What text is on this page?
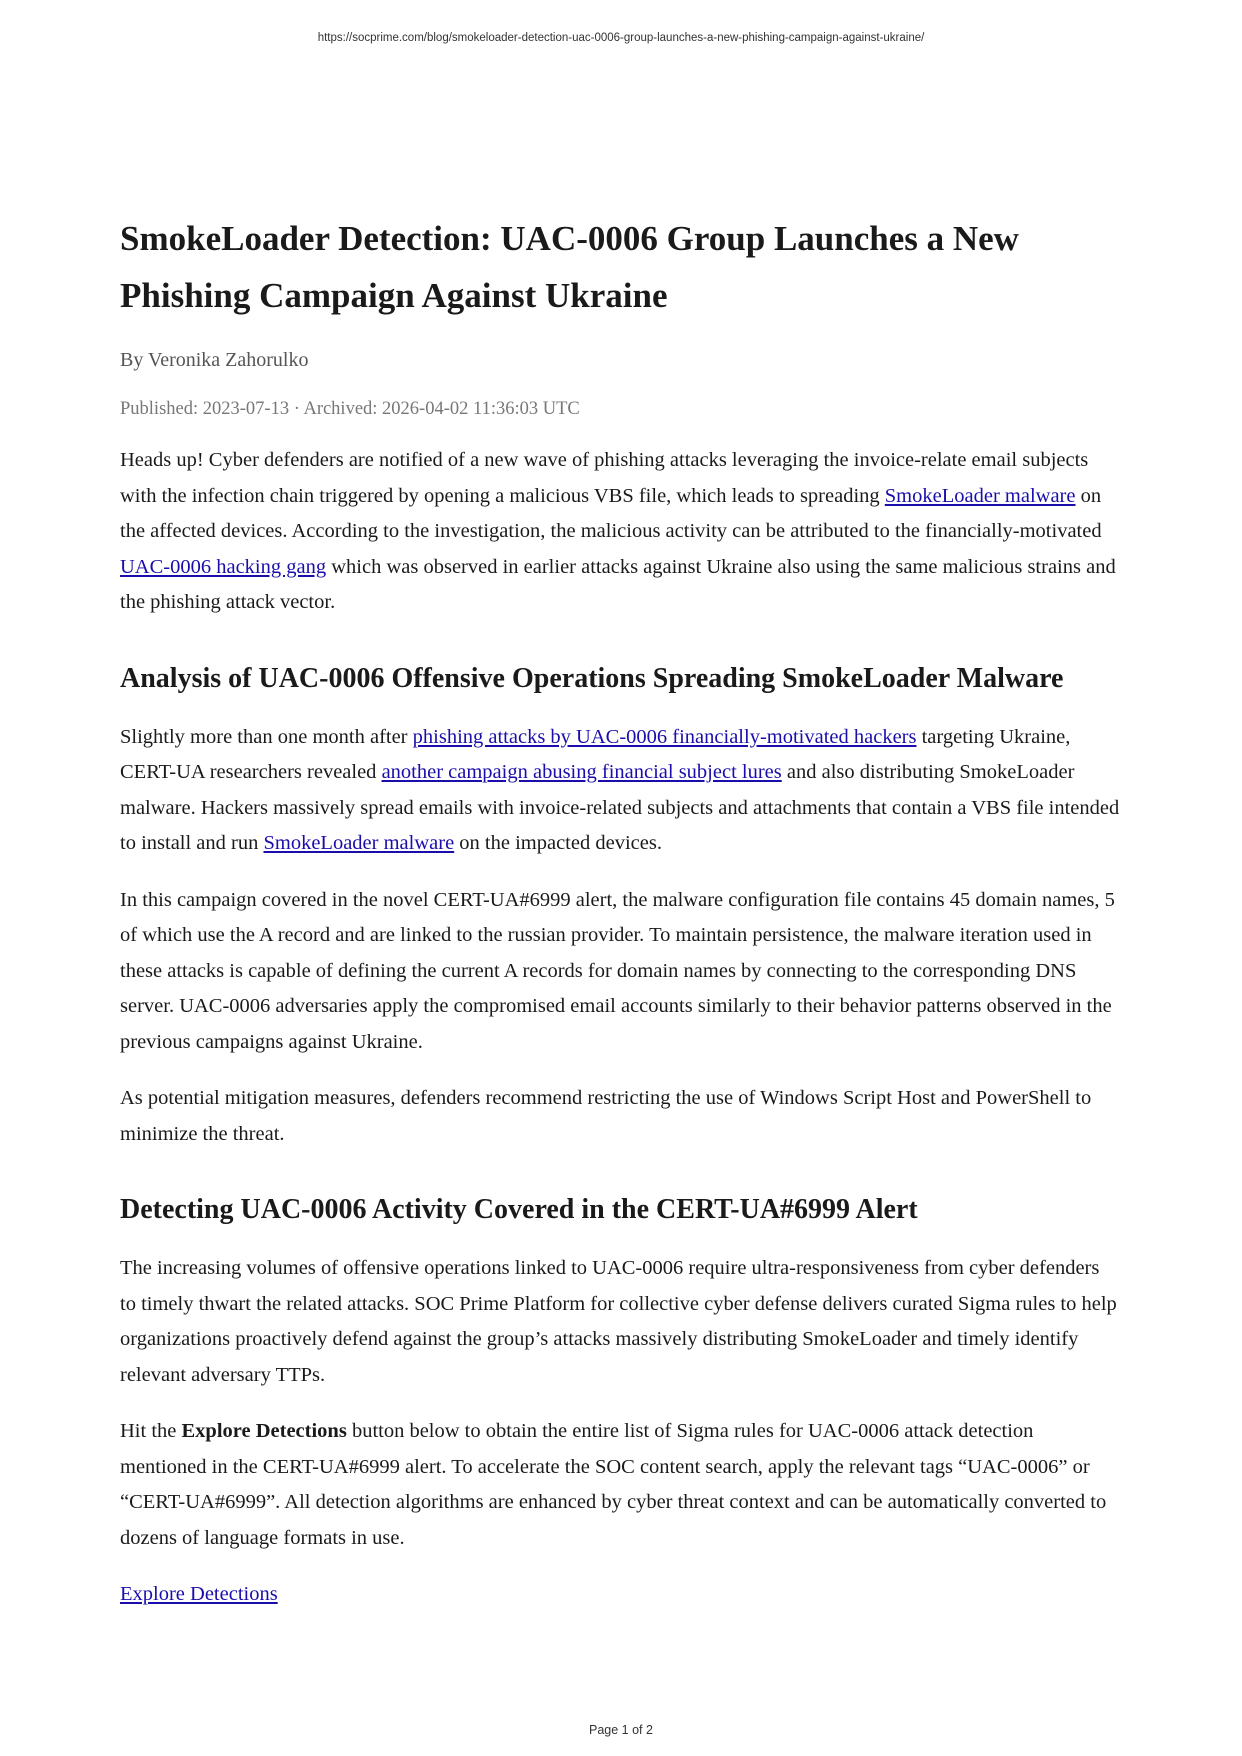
https://socprime.com/blog/smokeloader-detection-uac-0006-group-launches-a-new-phishing-campaign-against-ukraine/
SmokeLoader Detection: UAC-0006 Group Launches a New Phishing Campaign Against Ukraine
By Veronika Zahorulko
Published: 2023-07-13 · Archived: 2026-04-02 11:36:03 UTC

Heads up! Cyber defenders are notified of a new wave of phishing attacks leveraging the invoice-relate email subjects with the infection chain triggered by opening a malicious VBS file, which leads to spreading SmokeLoader malware on the affected devices. According to the investigation, the malicious activity can be attributed to the financially-motivated UAC-0006 hacking gang which was observed in earlier attacks against Ukraine also using the same malicious strains and the phishing attack vector.

Analysis of UAC-0006 Offensive Operations Spreading SmokeLoader Malware

Slightly more than one month after phishing attacks by UAC-0006 financially-motivated hackers targeting Ukraine, CERT-UA researchers revealed another campaign abusing financial subject lures and also distributing SmokeLoader malware. Hackers massively spread emails with invoice-related subjects and attachments that contain a VBS file intended to install and run SmokeLoader malware on the impacted devices.

In this campaign covered in the novel CERT-UA#6999 alert, the malware configuration file contains 45 domain names, 5 of which use the A record and are linked to the russian provider. To maintain persistence, the malware iteration used in these attacks is capable of defining the current A records for domain names by connecting to the corresponding DNS server. UAC-0006 adversaries apply the compromised email accounts similarly to their behavior patterns observed in the previous campaigns against Ukraine.

As potential mitigation measures, defenders recommend restricting the use of Windows Script Host and PowerShell to minimize the threat.

Detecting UAC-0006 Activity Covered in the CERT-UA#6999 Alert

The increasing volumes of offensive operations linked to UAC-0006 require ultra-responsiveness from cyber defenders to timely thwart the related attacks. SOC Prime Platform for collective cyber defense delivers curated Sigma rules to help organizations proactively defend against the group’s attacks massively distributing SmokeLoader and timely identify relevant adversary TTPs.

Hit the Explore Detections button below to obtain the entire list of Sigma rules for UAC-0006 attack detection mentioned in the CERT-UA#6999 alert. To accelerate the SOC content search, apply the relevant tags “UAC-0006” or “CERT-UA#6999”. All detection algorithms are enhanced by cyber threat context and can be automatically converted to dozens of language formats in use.

Explore Detections

Page 1 of 2
